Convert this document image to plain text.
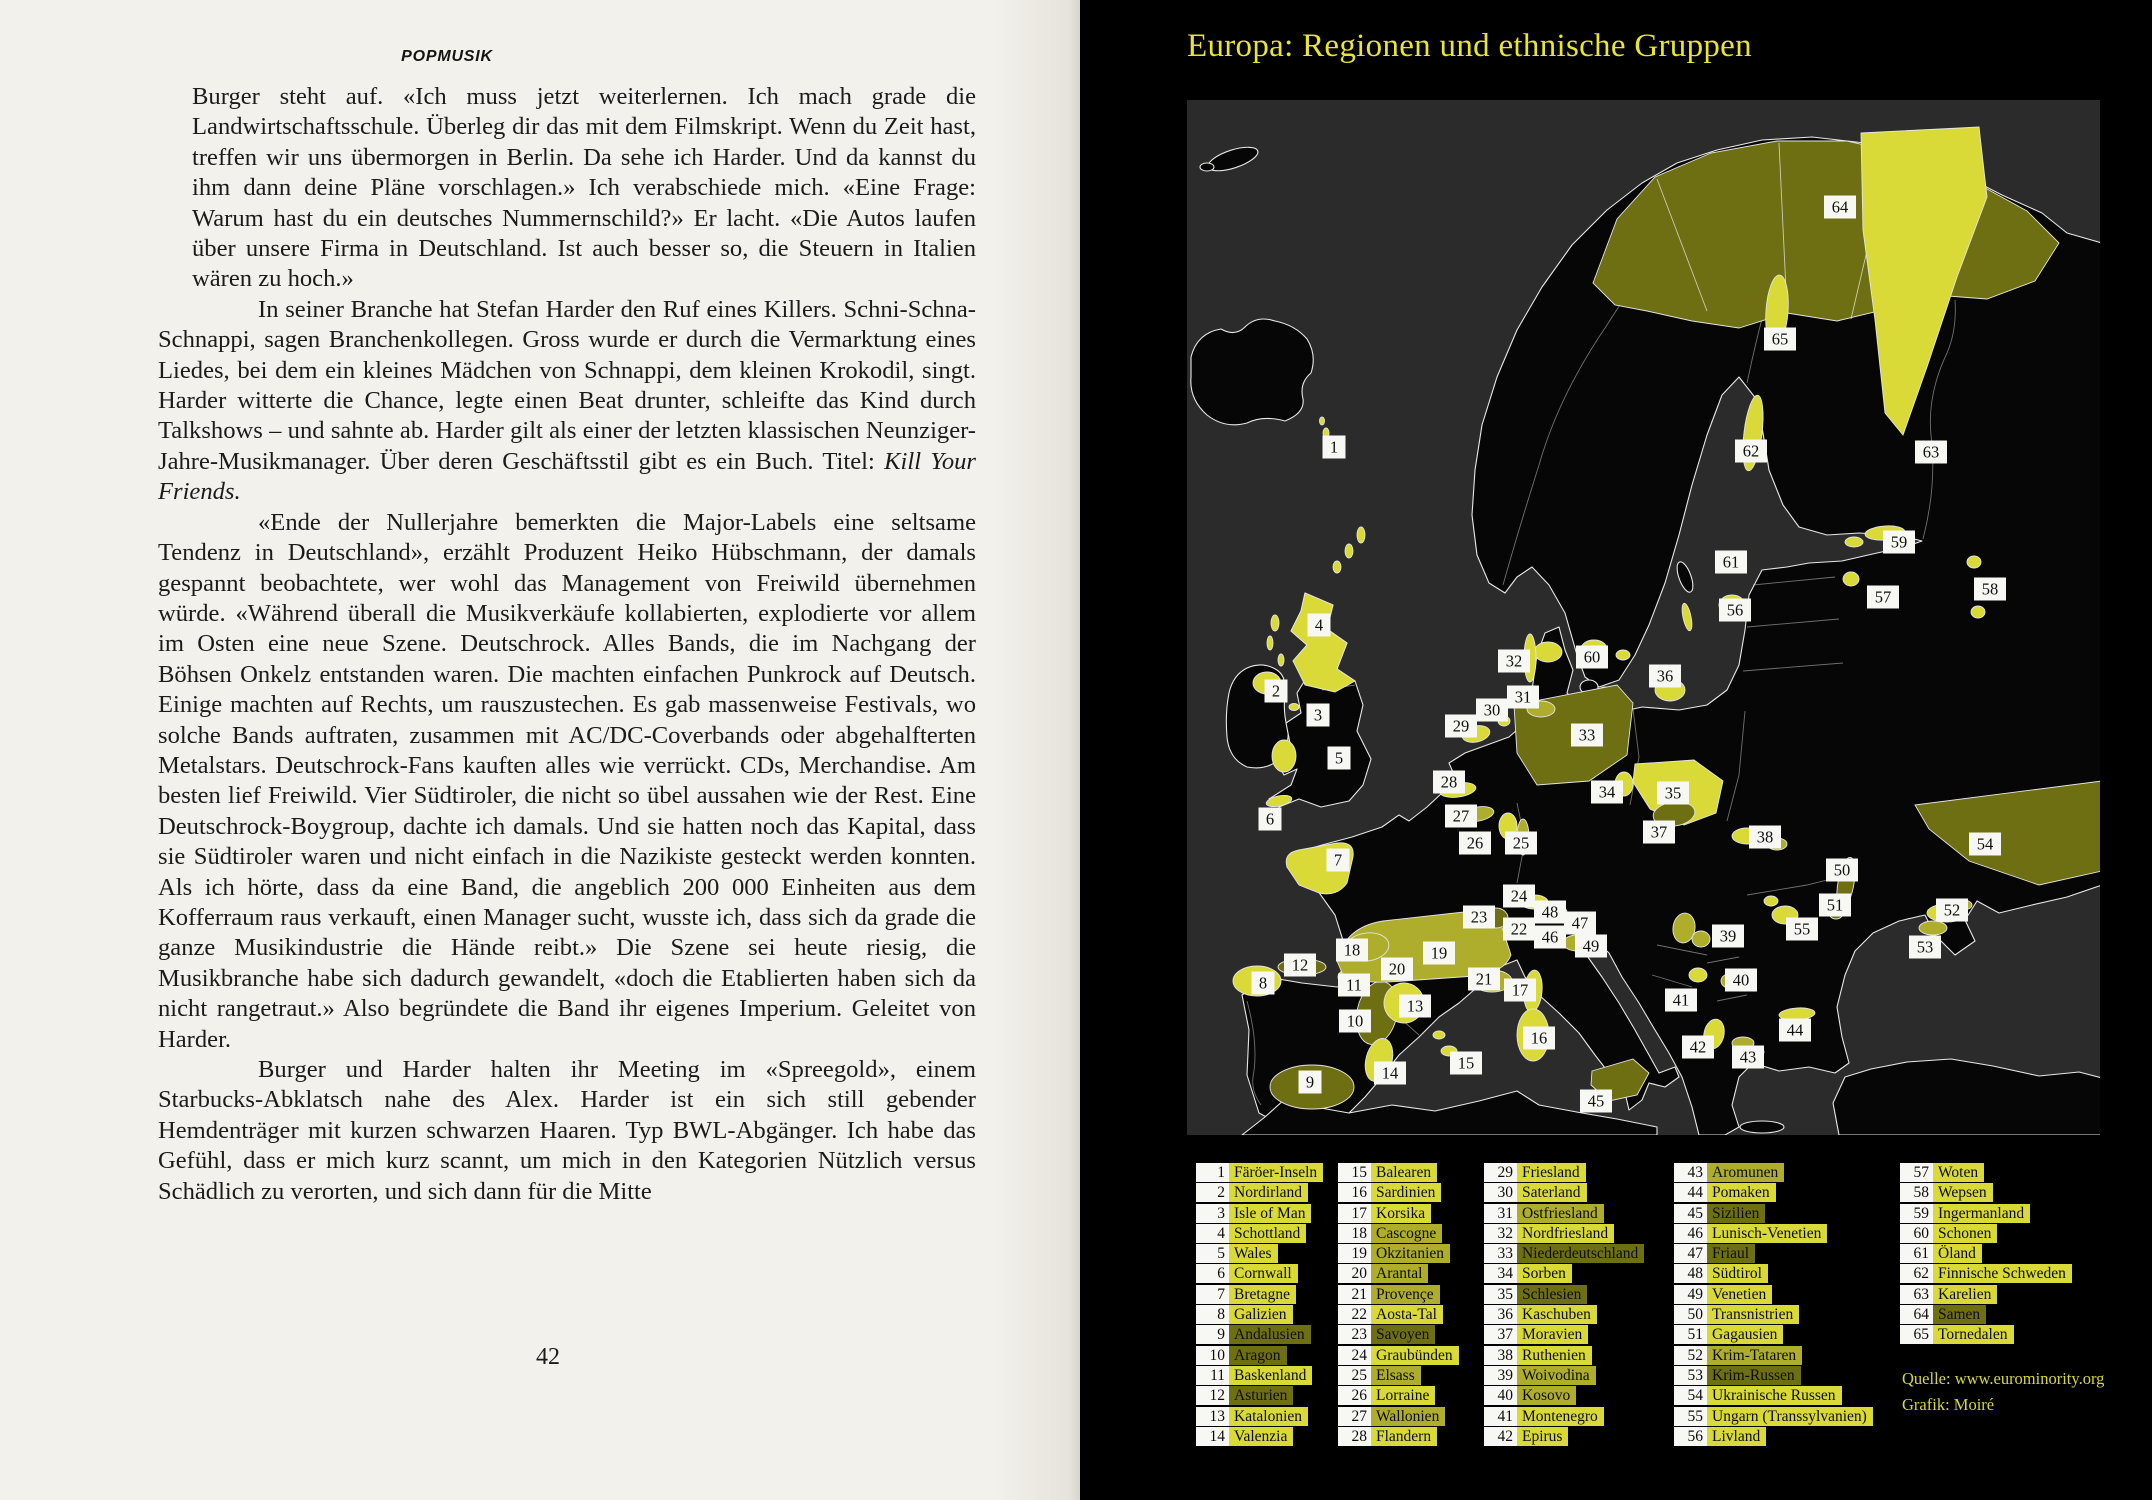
POPMUSIK

Burger steht auf. «Ich muss jetzt weiterlernen. Ich mach grade die Landwirtschaftsschule. Überleg dir das mit dem Filmskript. Wenn du Zeit hast, treffen wir uns übermorgen in Berlin. Da sehe ich Harder. Und da kannst du ihm dann deine Pläne vorschlagen.» Ich verabschiede mich. «Eine Frage: Warum hast du ein deutsches Nummernschild?» Er lacht. «Die Autos laufen über unsere Firma in Deutschland. Ist auch besser so, die Steuern in Italien wären zu hoch.»

In seiner Branche hat Stefan Harder den Ruf eines Killers. Schni-Schna-Schnappi, sagen Branchenkollegen. Gross wurde er durch die Vermarktung eines Liedes, bei dem ein kleines Mädchen von Schnappi, dem kleinen Krokodil, singt. Harder witterte die Chance, legte einen Beat drunter, schleifte das Kind durch Talkshows – und sahnte ab. Harder gilt als einer der letzten klassischen Neunziger-Jahre-Musikmanager. Über deren Geschäftsstil gibt es ein Buch. Titel: Kill Your Friends.

«Ende der Nullerjahre bemerkten die Major-Labels eine seltsame Tendenz in Deutschland», erzählt Produzent Heiko Hübschmann, der damals gespannt beobachtete, wer wohl das Management von Freiwild übernehmen würde. «Während überall die Musikverkäufe kollabierten, explodierte vor allem im Osten eine neue Szene. Deutschrock. Alles Bands, die im Nachgang der Böhsen Onkelz entstanden waren. Die machten einfachen Punkrock auf Deutsch. Einige machten auf Rechts, um rauszustechen. Es gab massenweise Festivals, wo solche Bands auftraten, zusammen mit AC/DC-Coverbands oder abgehalfterten Metalstars. Deutschrock-Fans kauften alles wie verrückt. CDs, Merchandise. Am besten lief Freiwild. Vier Südtiroler, die nicht so übel aussahen wie der Rest. Eine Deutschrock-Boygroup, dachte ich damals. Und sie hatten noch das Kapital, dass sie Südtiroler waren und nicht einfach in die Nazikiste gesteckt werden konnten. Als ich hörte, dass da eine Band, die angeblich 200 000 Einheiten aus dem Kofferraum raus verkauft, einen Manager sucht, wusste ich, dass sich da grade die ganze Musikindustrie die Hände reibt.» Die Szene sei heute riesig, die Musikbranche habe sich dadurch gewandelt, «doch die Etablierten haben sich da nicht rangetraut.» Also begründete die Band ihr eigenes Imperium. Geleitet von Harder.

Burger und Harder halten ihr Meeting im «Spreegold», einem Starbucks-Abklatsch nahe des Alex. Harder ist ein sich still gebender Hemdenträger mit kurzen schwarzen Haaren. Typ BWL-Abgänger. Ich habe das Gefühl, dass er mich kurz scannt, um mich in den Kategorien Nützlich versus Schädlich zu verorten, und sich dann für die Mitte

42
Europa: Regionen und ethnische Gruppen
1
2
3
4
5
6
7
8
9
10
11
12
13
14
15
16
17
18	19
20
21
22
23
24
25
26
27
28
29
30
31
32
33
34	35
36
37	38
39
40
41
42
43
44
45
46
47
48
49
50
51	52
53
54
55
56
57	58
59
60
61
62	63
64
65
1 Färöer-Inseln
2 Nordirland
3 Isle of Man
4 Schottland
5 Wales
6 Cornwall
7 Bretagne
8 Galizien
9 Andalusien
10 Aragon
11 Baskenland
12 Asturien
13 Katalonien
14 Valenzia
15 Balearen
16 Sardinien
17 Korsika
18 Cascogne
19 Okzitanien
20 Arantal
21 Provençe
22 Aosta-Tal
23 Savoyen
24 Graubünden
25 Elsass
26 Lorraine
27 Wallonien
28 Flandern
29 Friesland
30 Saterland
31 Ostfriesland
32 Nordfriesland
33 Niederdeutschland
34 Sorben
35 Schlesien
36 Kaschuben
37 Moravien
38 Ruthenien
39 Woivodina
40 Kosovo
41 Montenegro
42 Epirus
43 Aromunen
44 Pomaken
45 Sizilien
46 Lunisch-Venetien
47 Friaul
48 Südtirol
49 Venetien
50 Transnistrien
51 Gagausien
52 Krim-Tataren
53 Krim-Russen
54 Ukrainische Russen
55 Ungarn (Transsylvanien)
56 Livland
57 Woten
58 Wepsen
59 Ingermanland
60 Schonen
61 Öland
62 Finnische Schweden
63 Karelien
64 Samen
65 Tornedalen
Quelle: www.eurominority.org
Grafik: Moiré
